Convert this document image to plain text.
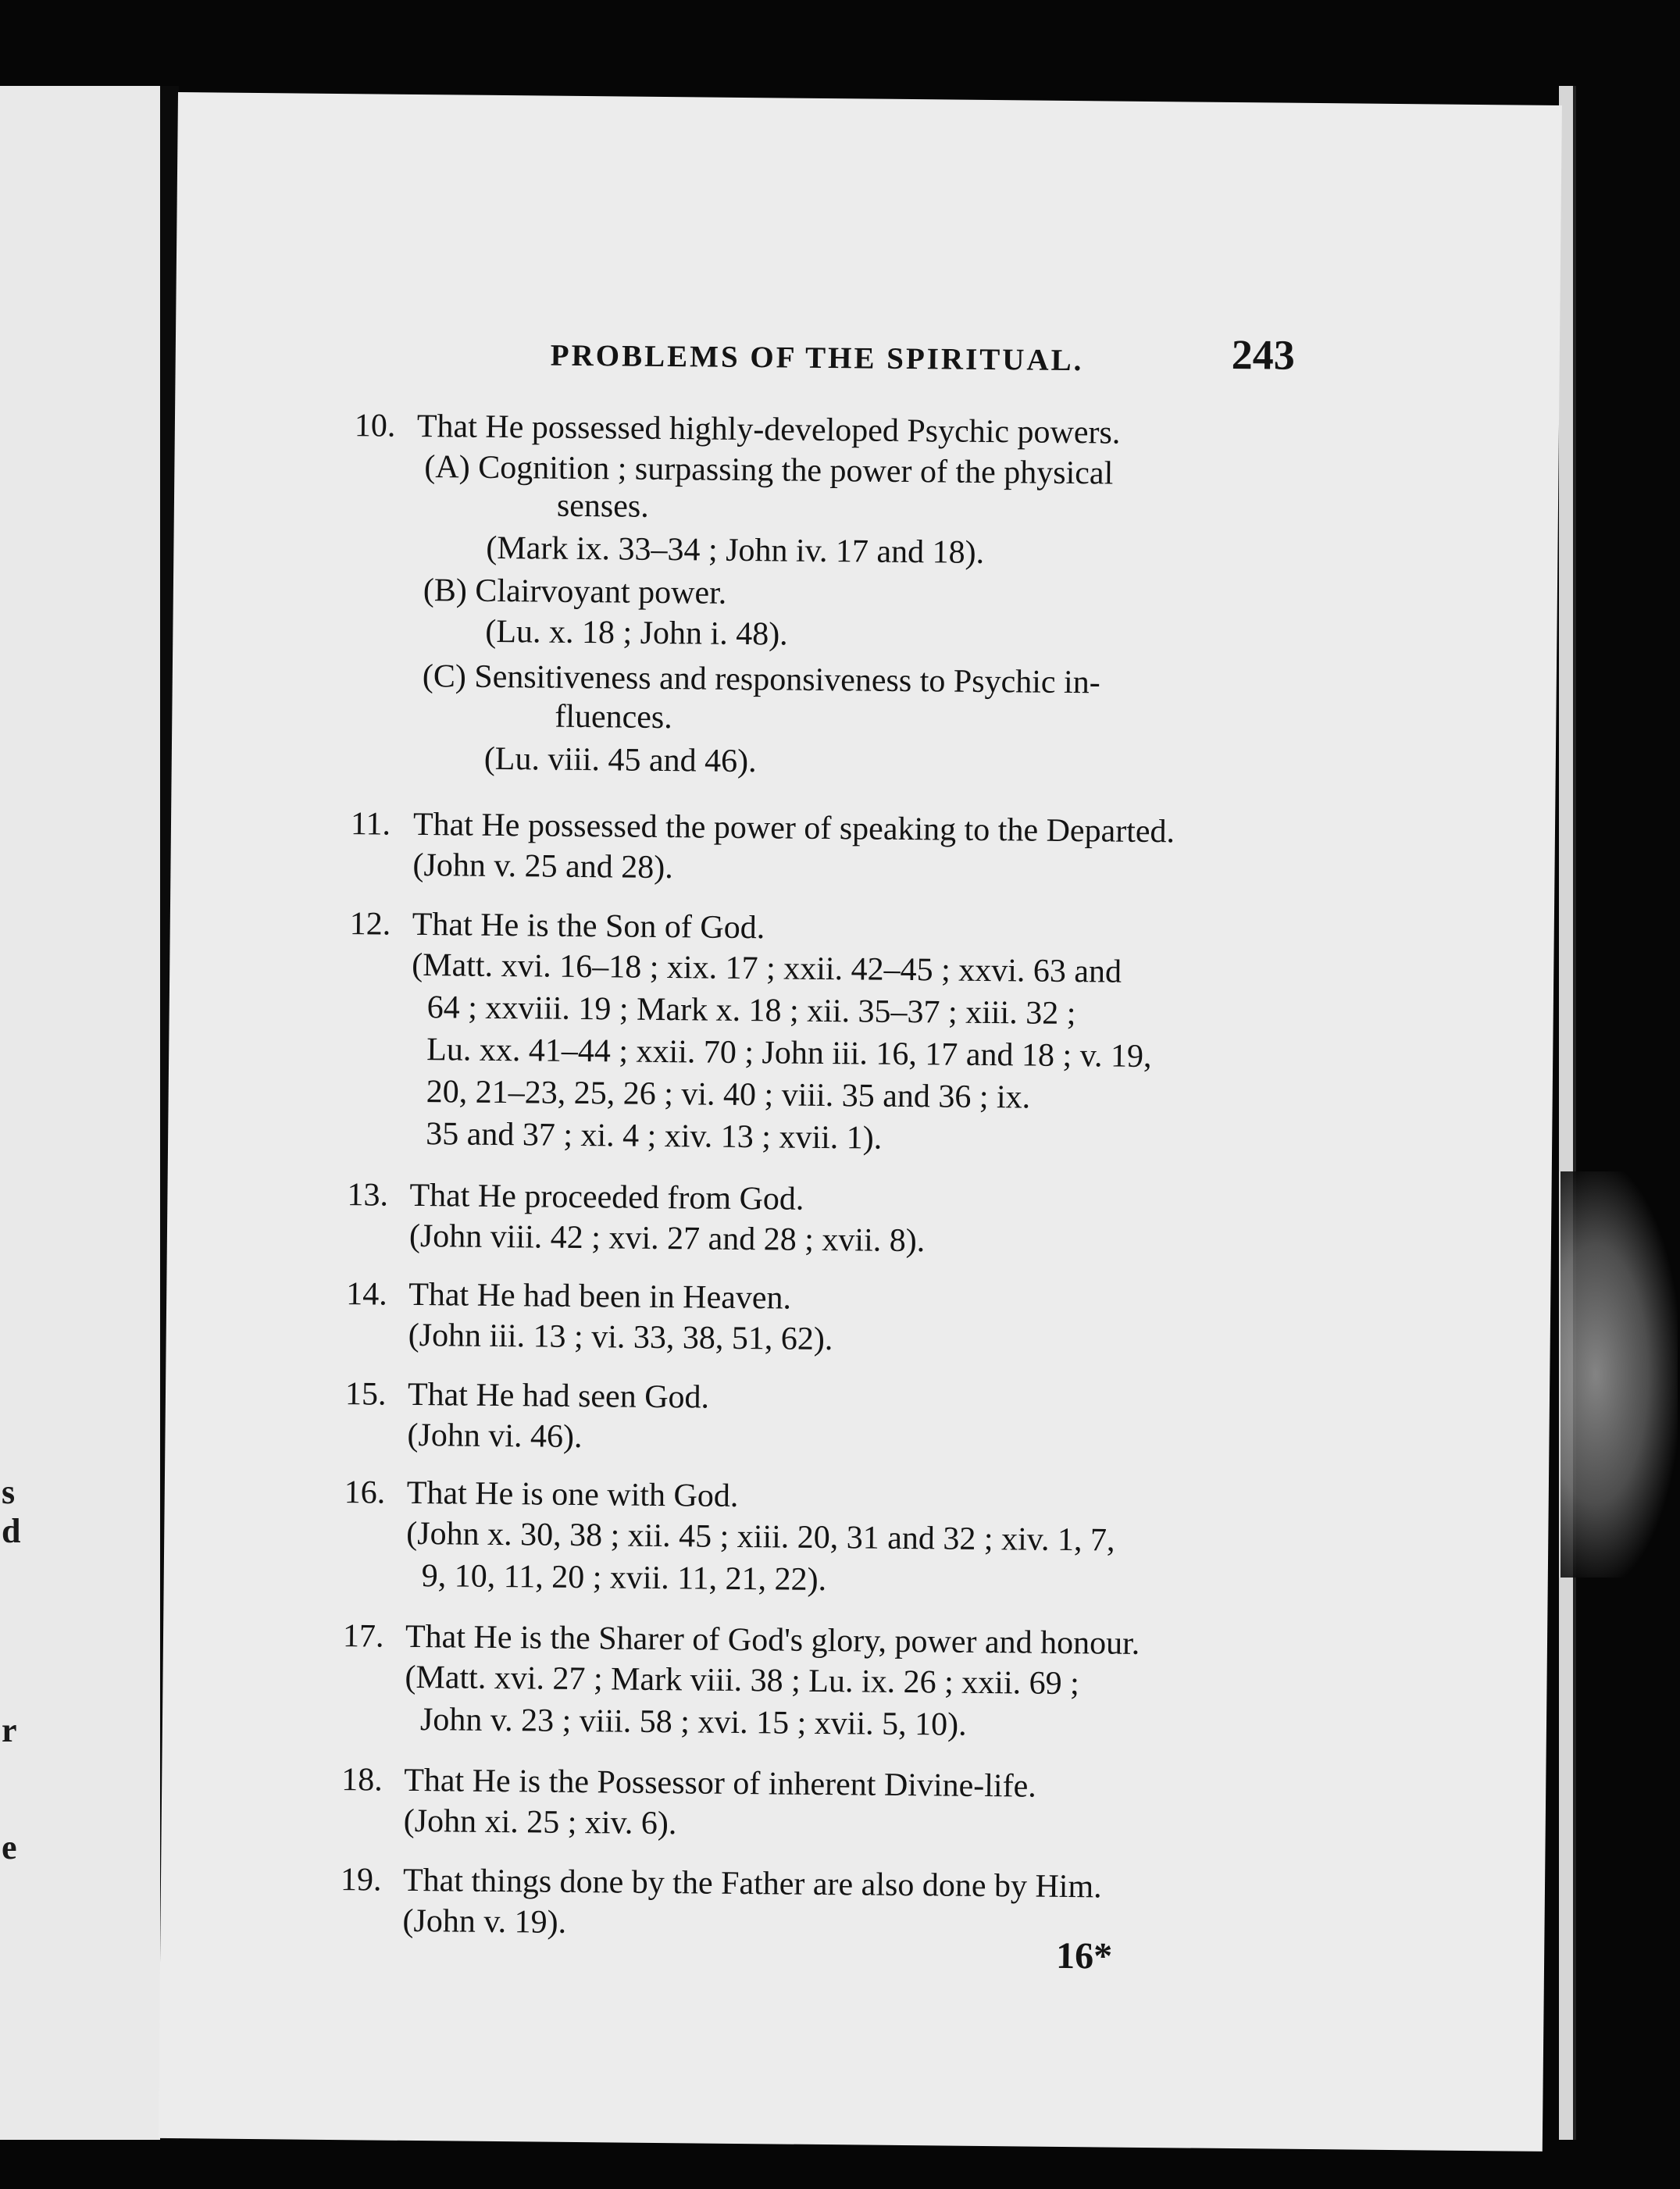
s
d
r
e
PROBLEMS OF THE SPIRITUAL.	243
10. That He possessed highly-developed Psychic powers.
(A) Cognition ; surpassing the power of the physical
senses.
(Mark ix. 33–34 ; John iv. 17 and 18).
(B) Clairvoyant power.
(Lu. x. 18 ; John i. 48).
(C) Sensitiveness and responsiveness to Psychic in-
fluences.
(Lu. viii. 45 and 46).
11. That He possessed the power of speaking to the Departed.
(John v. 25 and 28).
12. That He is the Son of God.
(Matt. xvi. 16–18 ; xix. 17 ; xxii. 42–45 ; xxvi. 63 and
64 ; xxviii. 19 ; Mark x. 18 ; xii. 35–37 ; xiii. 32 ;
Lu. xx. 41–44 ; xxii. 70 ; John iii. 16, 17 and 18 ; v. 19,
20, 21–23, 25, 26 ; vi. 40 ; viii. 35 and 36 ; ix.
35 and 37 ; xi. 4 ; xiv. 13 ; xvii. 1).
13. That He proceeded from God.
(John viii. 42 ; xvi. 27 and 28 ; xvii. 8).
14. That He had been in Heaven.
(John iii. 13 ; vi. 33, 38, 51, 62).
15. That He had seen God.
(John vi. 46).
16. That He is one with God.
(John x. 30, 38 ; xii. 45 ; xiii. 20, 31 and 32 ; xiv. 1, 7,
9, 10, 11, 20 ; xvii. 11, 21, 22).
17. That He is the Sharer of God's glory, power and honour.
(Matt. xvi. 27 ; Mark viii. 38 ; Lu. ix. 26 ; xxii. 69 ;
John v. 23 ; viii. 58 ; xvi. 15 ; xvii. 5, 10).
18. That He is the Possessor of inherent Divine-life.
(John xi. 25 ; xiv. 6).
19. That things done by the Father are also done by Him.
(John v. 19).
16*
